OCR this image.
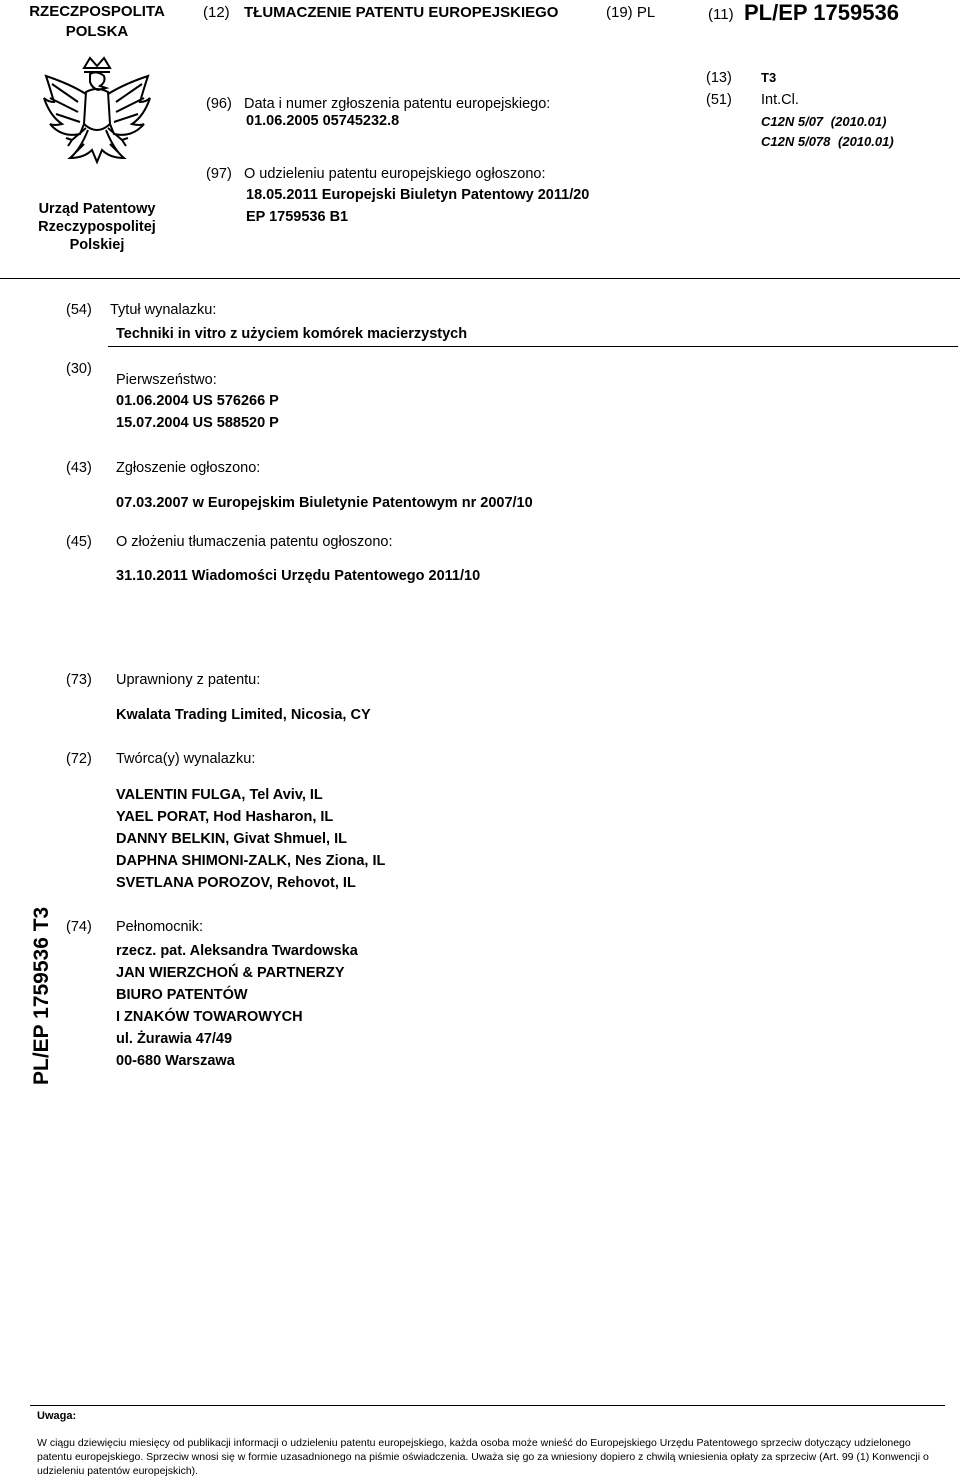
RZECZPOSPOLITA
POLSKA
(12) TŁUMACZENIE PATENTU EUROPEJSKIEGO	(19) PL	(11) PL/EP 1759536
Urząd Patentowy
Rzeczypospolitej
Polskiej
(96) Data i numer zgłoszenia patentu europejskiego:
01.06.2005 05745232.8
(97) O udzieleniu patentu europejskiego ogłoszono:
18.05.2011 Europejski Biuletyn Patentowy 2011/20
EP 1759536 B1
(13) T3
(51) Int.Cl.
C12N 5/07 (2010.01)
C12N 5/078 (2010.01)
(54) Tytuł wynalazku:
Techniki in vitro z użyciem komórek macierzystych
(30)
Pierwszeństwo:
01.06.2004 US 576266 P
15.07.2004 US 588520 P
(43) Zgłoszenie ogłoszono:
07.03.2007 w Europejskim Biuletynie Patentowym nr 2007/10
(45) O złożeniu tłumaczenia patentu ogłoszono:
31.10.2011 Wiadomości Urzędu Patentowego 2011/10
(73) Uprawniony z patentu:
Kwalata Trading Limited, Nicosia, CY
(72) Twórca(y) wynalazku:
VALENTIN FULGA, Tel Aviv, IL
YAEL PORAT, Hod Hasharon, IL
DANNY BELKIN, Givat Shmuel, IL
DAPHNA SHIMONI-ZALK, Nes Ziona, IL
SVETLANA POROZOV, Rehovot, IL
PL/EP 1759536 T3 (74) Pełnomocnik:
rzecz. pat. Aleksandra Twardowska
JAN WIERZCHOŃ & PARTNERZY
BIURO PATENTÓW
I ZNAKÓW TOWAROWYCH
ul. Żurawia 47/49
00-680 Warszawa
Uwaga:
W ciągu dziewięciu miesięcy od publikacji informacji o udzieleniu patentu europejskiego, każda osoba może wnieść do Europejskiego Urzędu Patentowego sprzeciw dotyczący udzielonego patentu europejskiego. Sprzeciw wnosi się w formie uzasadnionego na piśmie oświadczenia. Uważa się go za wniesiony dopiero z chwilą wniesienia opłaty za sprzeciw (Art. 99 (1) Konwencji o udzieleniu patentów europejskich).
